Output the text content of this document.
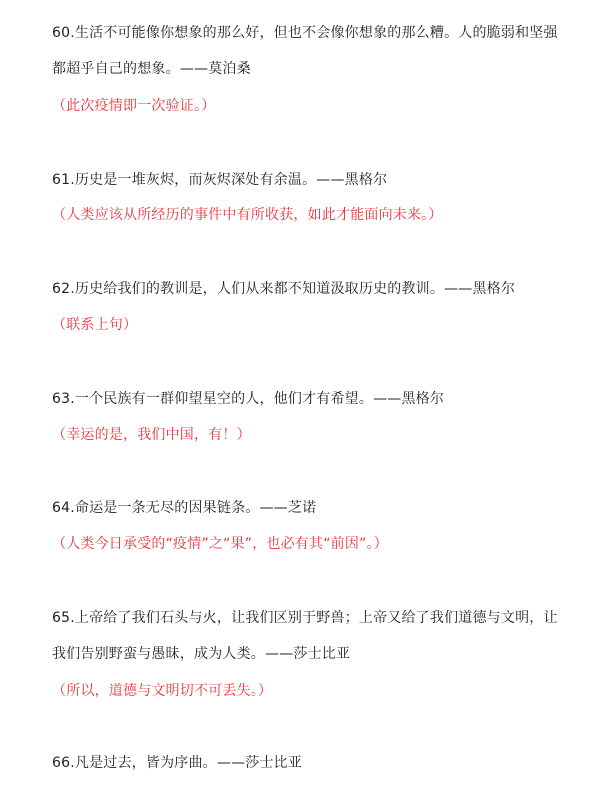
60.生活不可能像你想象的那么好，但也不会像你想象的那么糟。人的脆弱和坚强
都超乎自己的想象。——莫泊桑
（此次疫情即一次验证。）
61.历史是一堆灰烬，而灰烬深处有余温。——黑格尔
（人类应该从所经历的事件中有所收获，如此才能面向未来。）
62.历史给我们的教训是，人们从来都不知道汲取历史的教训。——黑格尔
（联系上句）
63.一个民族有一群仰望星空的人，他们才有希望。——黑格尔
（幸运的是，我们中国，有！）
64.命运是一条无尽的因果链条。——芝诺
（人类今日承受的“疫情”之“果”，也必有其“前因”。）
65.上帝给了我们石头与火，让我们区别于野兽；上帝又给了我们道德与文明，让
我们告别野蛮与愚昧，成为人类。——莎士比亚
（所以，道德与文明切不可丢失。）
66.凡是过去，皆为序曲。——莎士比亚
